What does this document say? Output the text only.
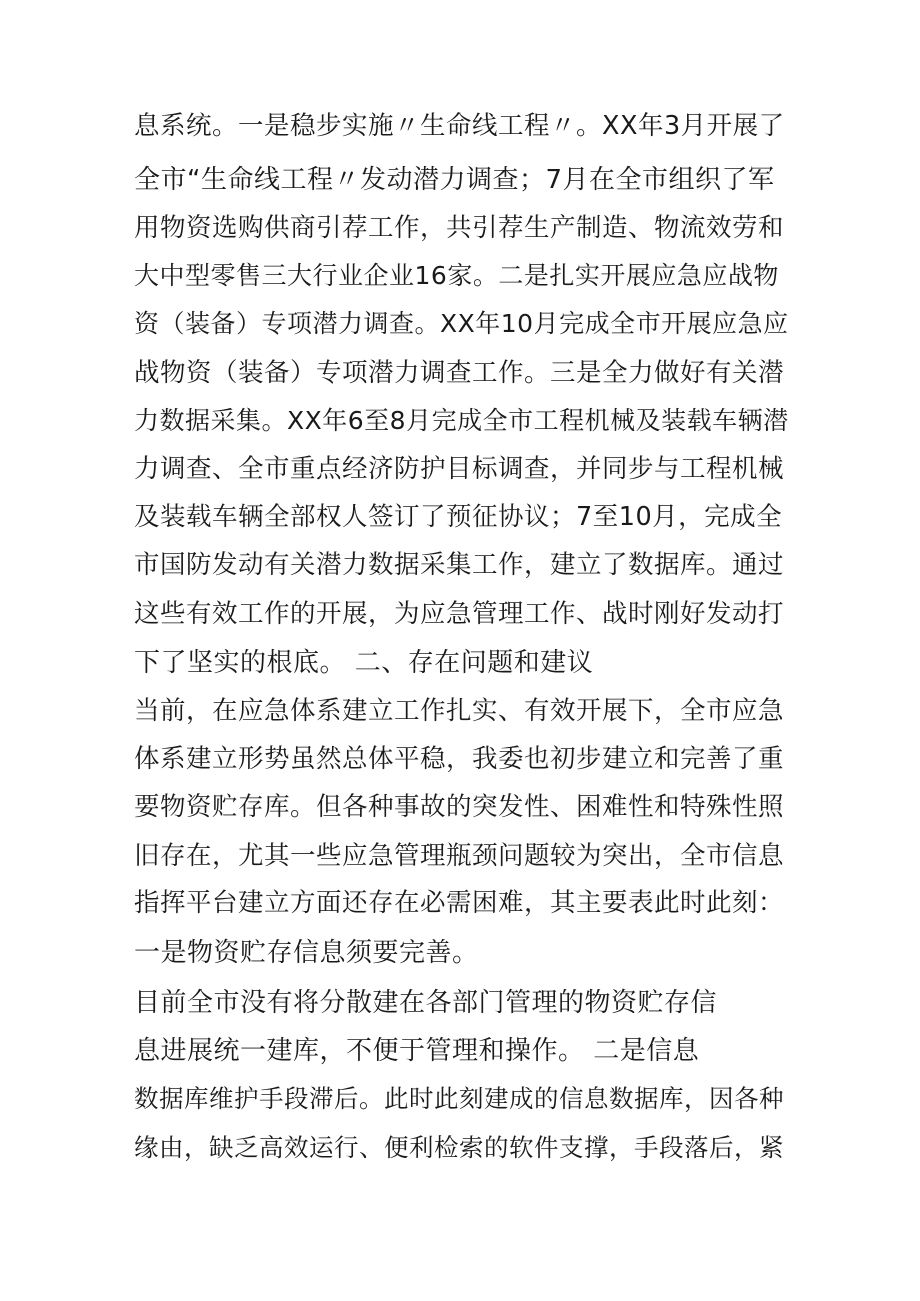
息系统。一是稳步实施〃生命线工程〃。XX年3月开展了
全市“生命线工程〃发动潜力调查；7月在全市组织了军
用物资选购供商引荐工作，共引荐生产制造、物流效劳和
大中型零售三大行业企业16家。二是扎实开展应急应战物
资（装备）专项潜力调查。XX年10月完成全市开展应急应
战物资（装备）专项潜力调查工作。三是全力做好有关潜
力数据采集。XX年6至8月完成全市工程机械及装载车辆潜
力调查、全市重点经济防护目标调查，并同步与工程机械
及装载车辆全部权人签订了预征协议；7至10月，完成全
市国防发动有关潜力数据采集工作，建立了数据库。通过
这些有效工作的开展，为应急管理工作、战时刚好发动打
下了坚实的根底。 二、存在问题和建议
当前，在应急体系建立工作扎实、有效开展下，全市应急
体系建立形势虽然总体平稳，我委也初步建立和完善了重
要物资贮存库。但各种事故的突发性、困难性和特殊性照
旧存在，尤其一些应急管理瓶颈问题较为突出，全市信息
指挥平台建立方面还存在必需困难，其主要表此时此刻：
一是物资贮存信息须要完善。
目前全市没有将分散建在各部门管理的物资贮存信
息进展统一建库，不便于管理和操作。 二是信息
数据库维护手段滞后。此时此刻建成的信息数据库，因各种
缘由，缺乏高效运行、便利检索的软件支撑，手段落后，紧
